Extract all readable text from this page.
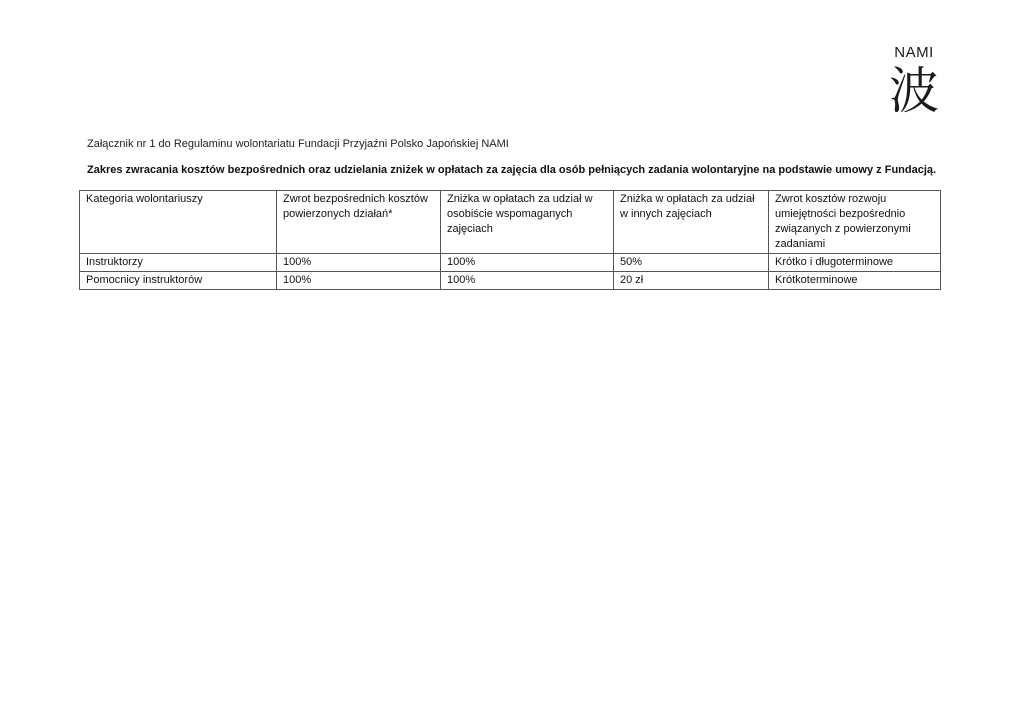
NAMI
波
Załącznik nr 1 do Regulaminu wolontariatu Fundacji Przyjaźni Polsko Japońskiej NAMI
Zakres zwracania kosztów bezpośrednich oraz udzielania zniżek w opłatach za zajęcia dla osób pełniących zadania wolontaryjne na podstawie umowy z Fundacją.
Kategoria wolontariuszy	Zwrot bezpośrednich kosztów powierzonych działań*	Zniżka w opłatach za udział w osobiście wspomaganych zajęciach	Zniżka w opłatach za udział w innych zajęciach	Zwrot kosztów rozwoju umiejętności bezpośrednio związanych z powierzonymi zadaniami
Instruktorzy	100%	100%	50%	Krótko i długoterminowe
Pomocnicy instruktorów	100%	100%	20 zł	Krótkoterminowe
